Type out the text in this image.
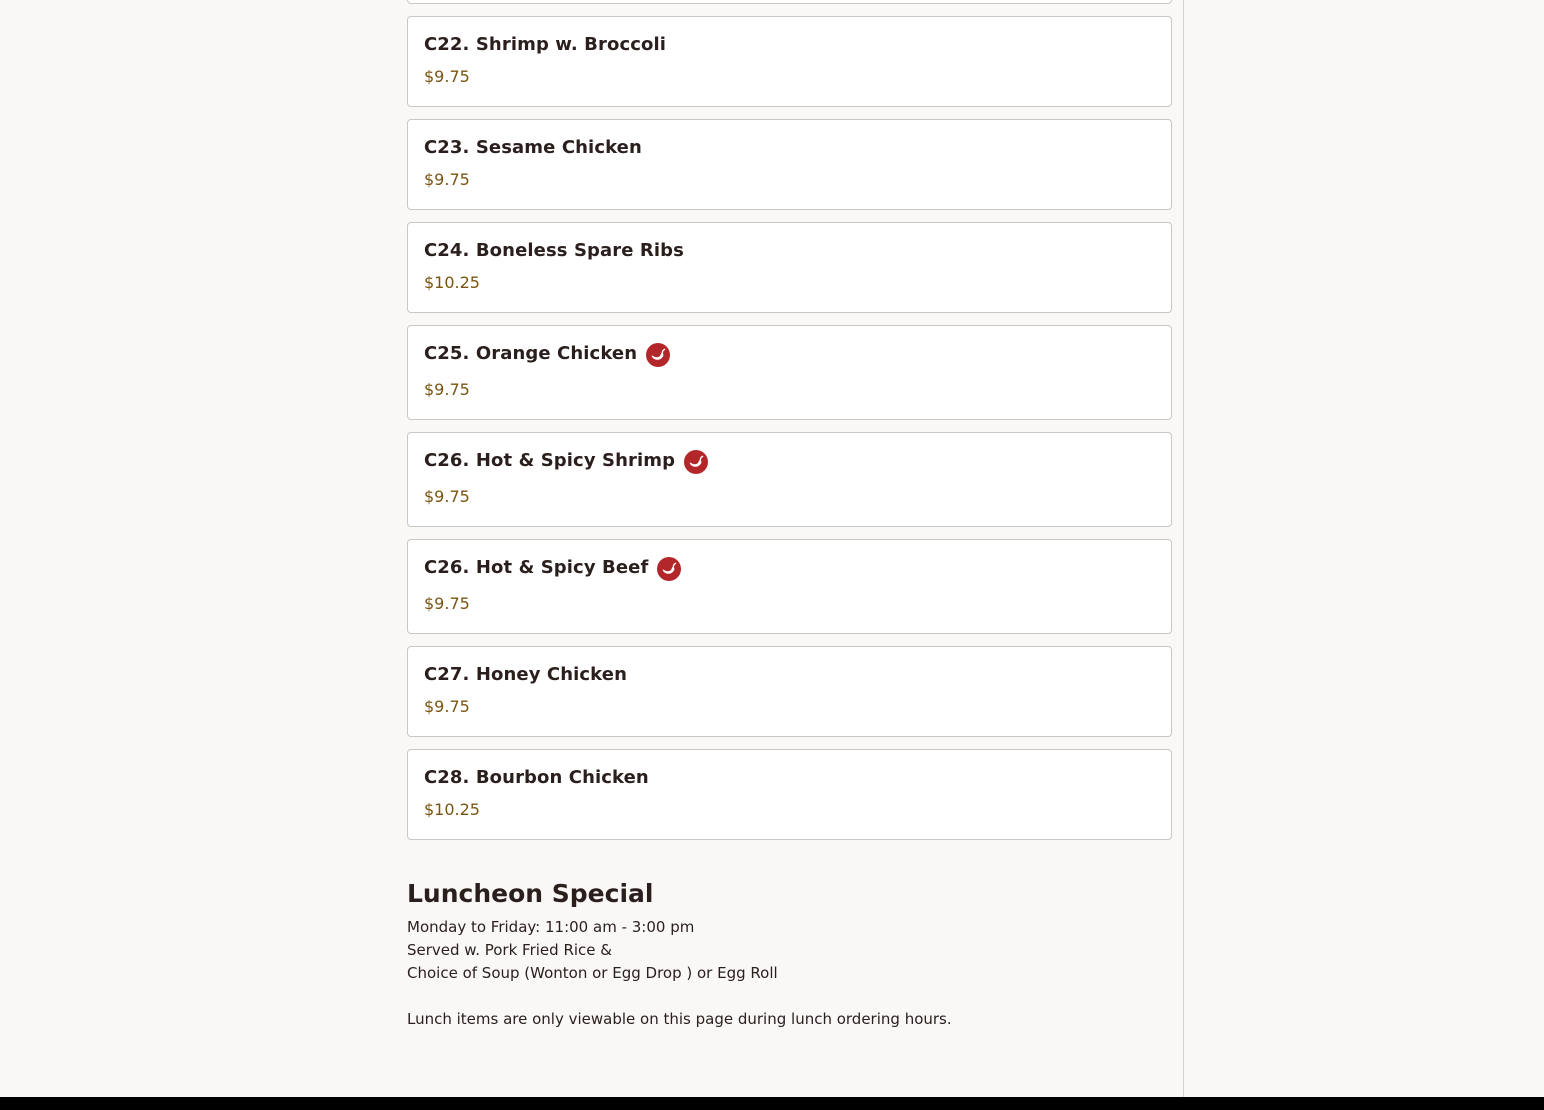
C22. Shrimp w. Broccoli
$9.75
C23. Sesame Chicken
$9.75
C24. Boneless Spare Ribs
$10.25
C25. Orange Chicken
$9.75
C26. Hot & Spicy Shrimp
$9.75
C26. Hot & Spicy Beef
$9.75
C27. Honey Chicken
$9.75
C28. Bourbon Chicken
$10.25
Luncheon Special
Monday to Friday: 11:00 am - 3:00 pm
Served w. Pork Fried Rice &
Choice of Soup (Wonton or Egg Drop ) or Egg Roll
Lunch items are only viewable on this page during lunch ordering hours.
